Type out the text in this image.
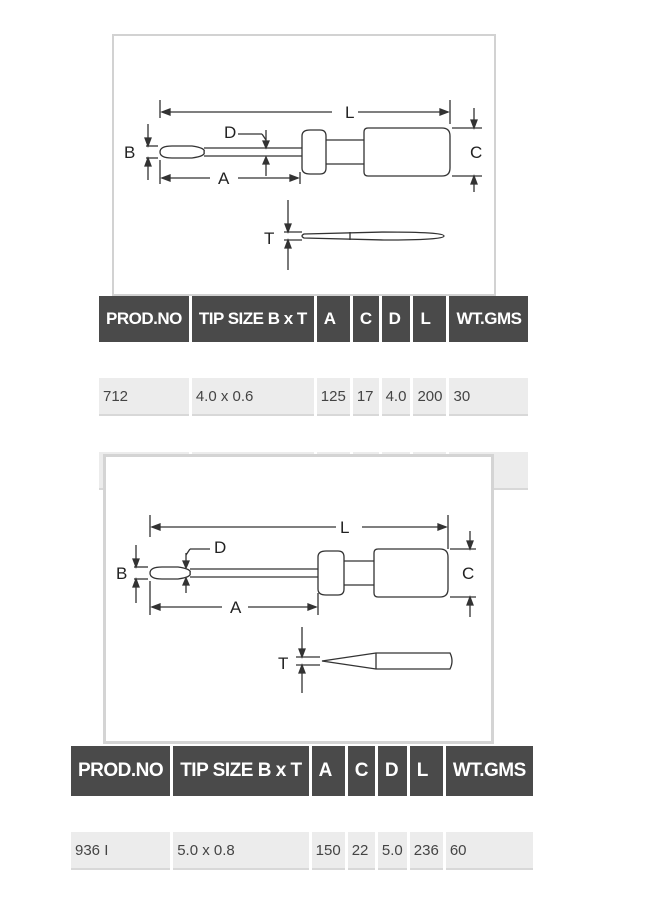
L
B
D
A
C
T
PROD.NO	TIP SIZE B x T	A	C	D	L	WT.GMS

712	4.0 x 0.6	125	17	4.0	200	30

L
B
D
A
C
T
PROD.NO	TIP SIZE B x T	A	C	D	L	WT.GMS

936 I	5.0 x 0.8	150	22	5.0	236	60
